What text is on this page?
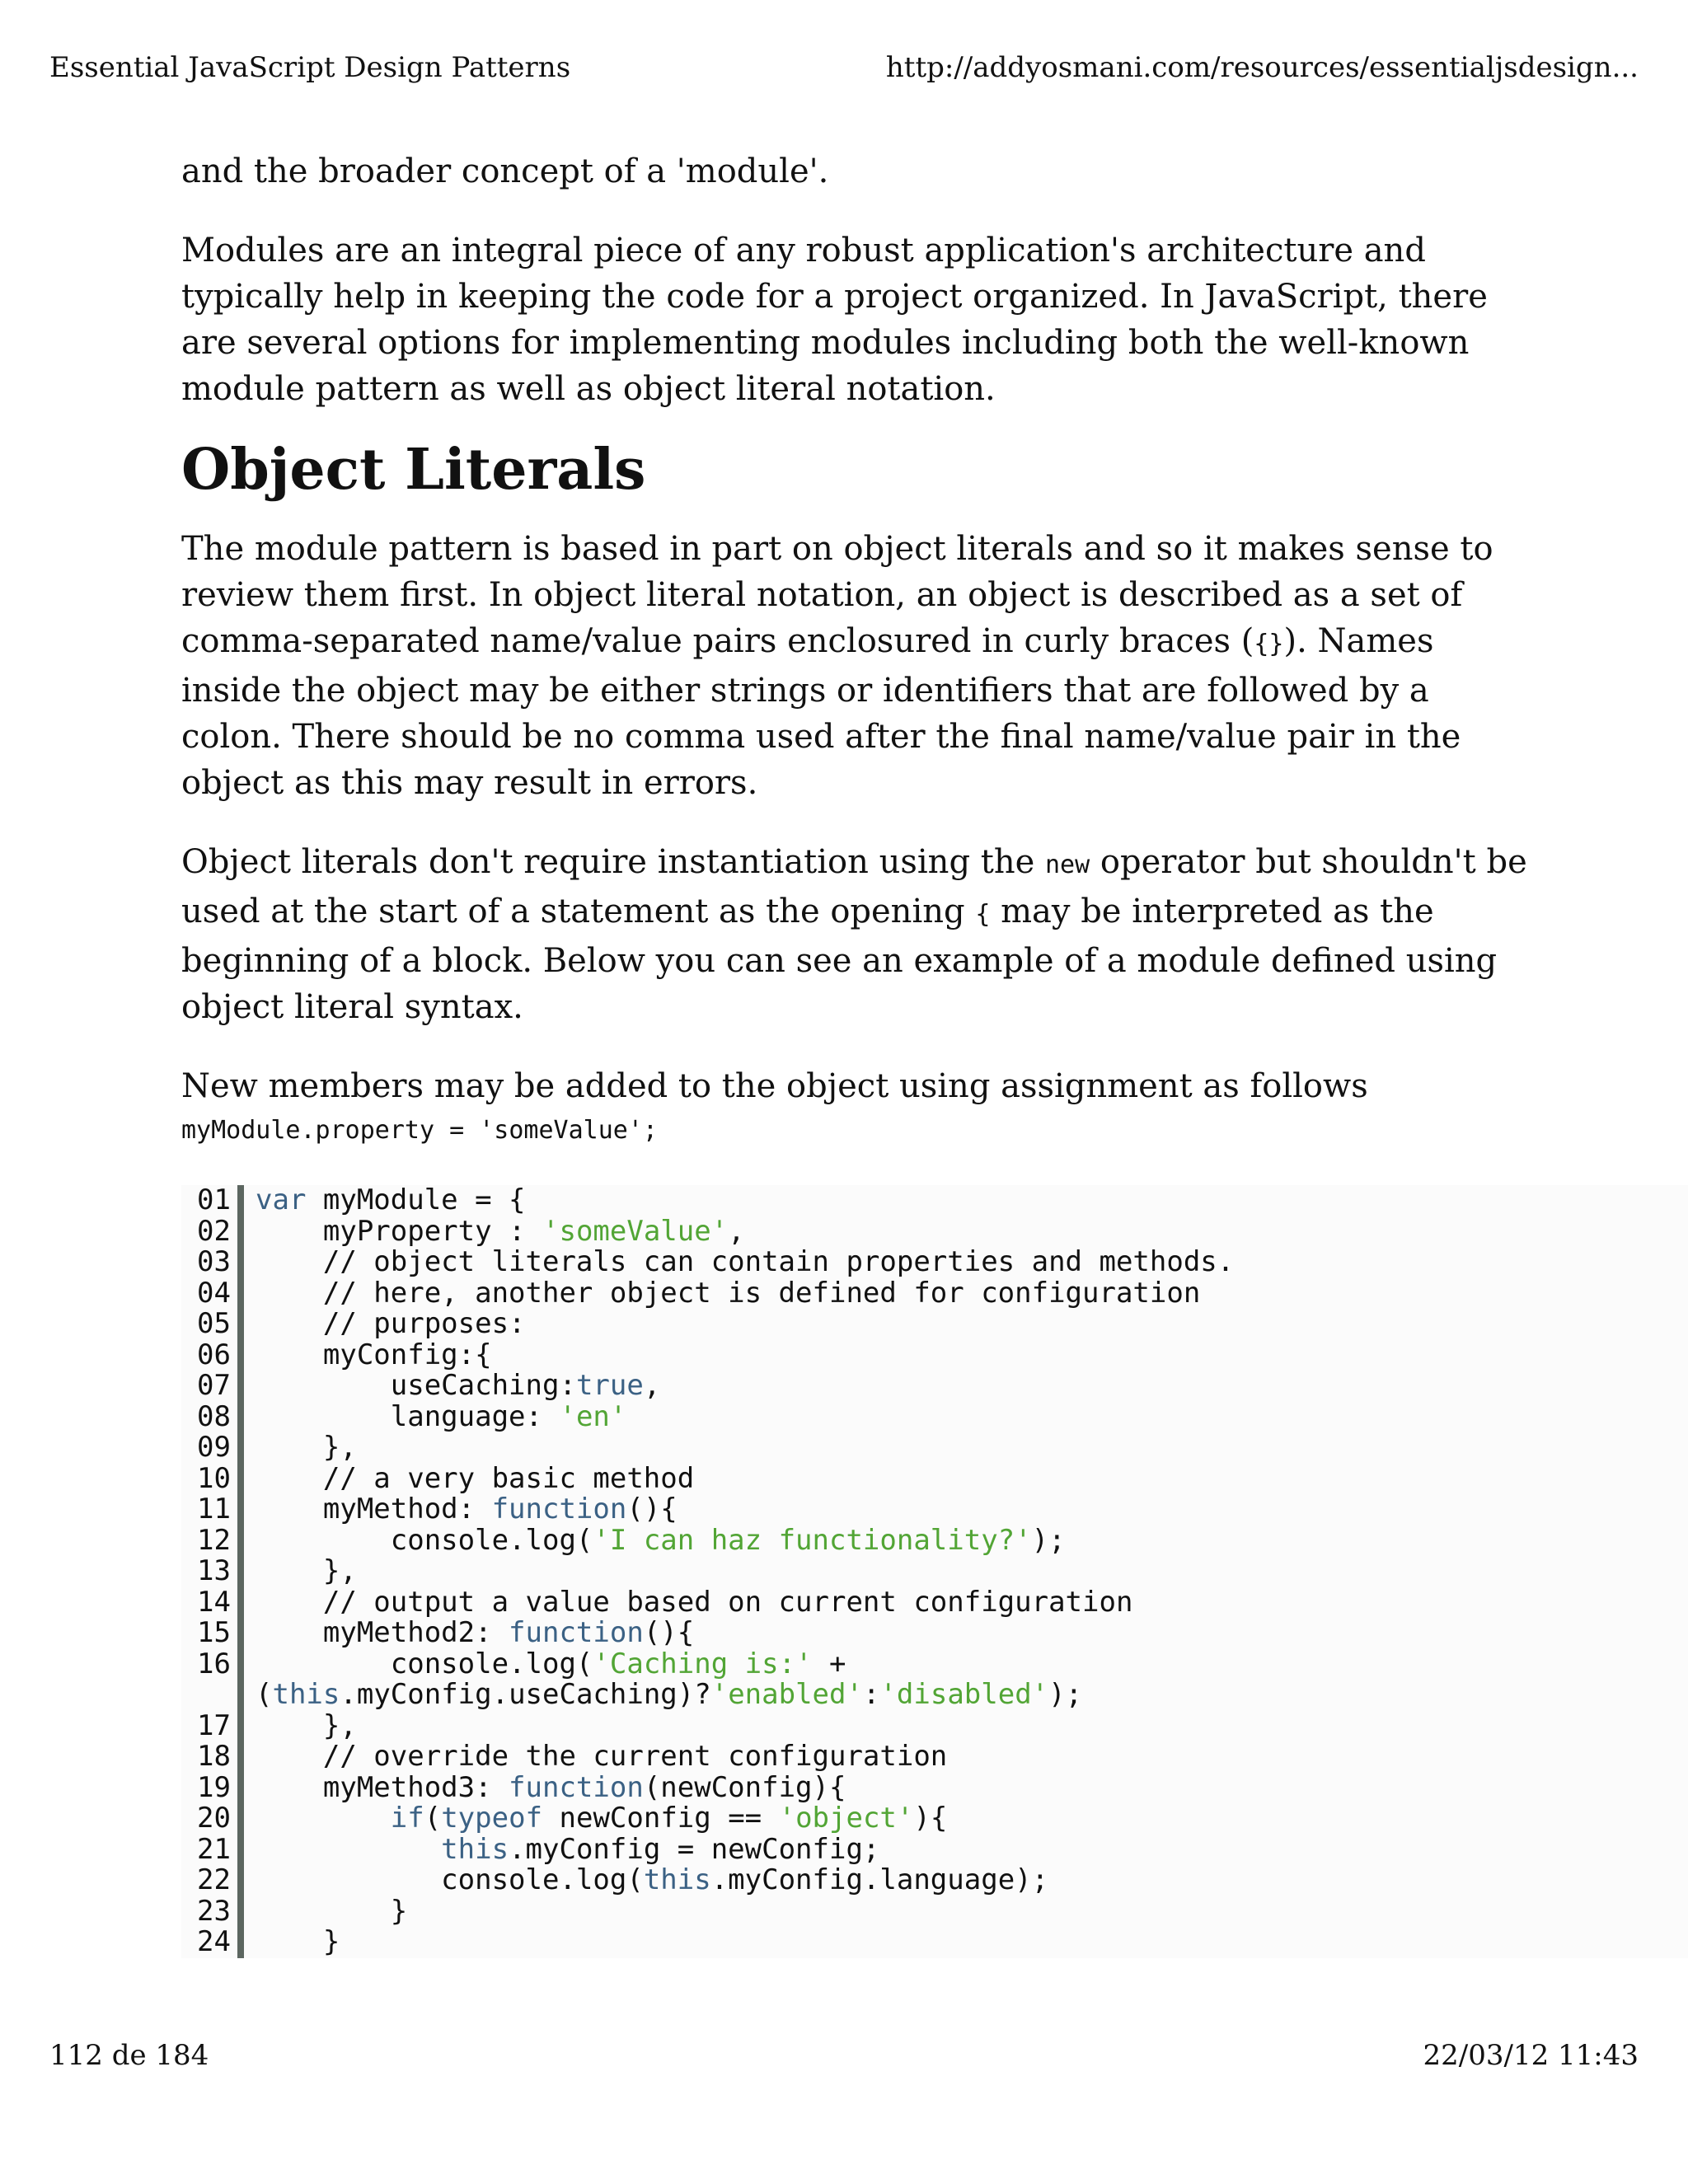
Essential JavaScript Design Patterns	http://addyosmani.com/resources/essentialjsdesign...

and the broader concept of a 'module'.

Modules are an integral piece of any robust application's architecture and typically help in keeping the code for a project organized. In JavaScript, there are several options for implementing modules including both the well-known module pattern as well as object literal notation.

Object Literals

The module pattern is based in part on object literals and so it makes sense to review them first. In object literal notation, an object is described as a set of comma-separated name/value pairs enclosured in curly braces ({}). Names inside the object may be either strings or identifiers that are followed by a colon. There should be no comma used after the final name/value pair in the object as this may result in errors.

Object literals don't require instantiation using the new operator but shouldn't be used at the start of a statement as the opening { may be interpreted as the beginning of a block. Below you can see an example of a module defined using object literal syntax.

New members may be added to the object using assignment as follows

myModule.property = 'someValue';
01 var myModule = {
02 myProperty : 'someValue',
03 // object literals can contain properties and methods.
04 // here, another object is defined for configuration
05 // purposes:
06 myConfig:{
07 useCaching:true,
08 language: 'en'
09 },
10 // a very basic method
11 myMethod: function(){
12 console.log('I can haz functionality?');
13 },
14 // output a value based on current configuration
15 myMethod2: function(){
16 console.log('Caching is:' +
(this.myConfig.useCaching)?'enabled':'disabled');
17 },
18 // override the current configuration
19 myMethod3: function(newConfig){
20	if(typeof newConfig == 'object'){
21	this.myConfig = newConfig;
22 console.log(this.myConfig.language);
23 }
24 }
112 de 184	22/03/12 11:43
